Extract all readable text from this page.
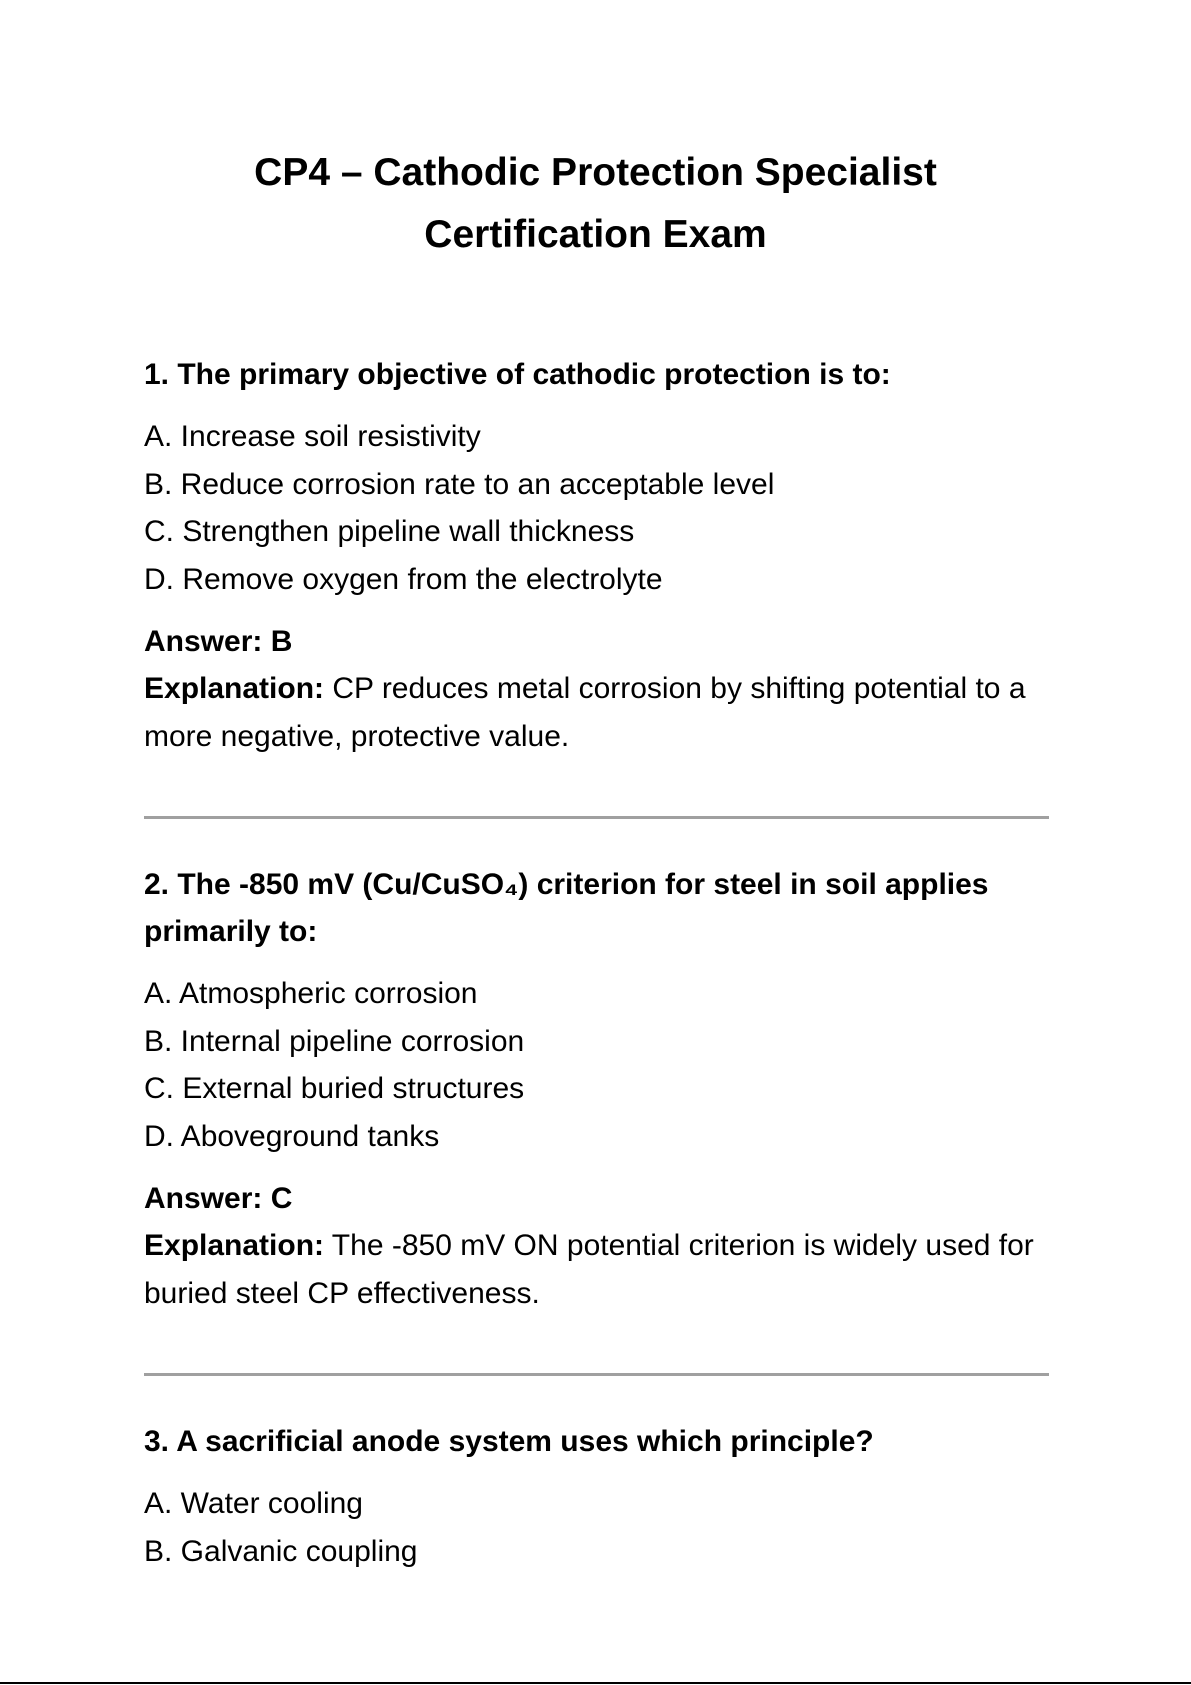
CP4 – Cathodic Protection Specialist
Certification Exam
1. The primary objective of cathodic protection is to:
A. Increase soil resistivity
B. Reduce corrosion rate to an acceptable level
C. Strengthen pipeline wall thickness
D. Remove oxygen from the electrolyte
Answer: B
Explanation: CP reduces metal corrosion by shifting potential to a more negative, protective value.
2. The -850 mV (Cu/CuSO₄) criterion for steel in soil applies primarily to:
A. Atmospheric corrosion
B. Internal pipeline corrosion
C. External buried structures
D. Aboveground tanks
Answer: C
Explanation: The -850 mV ON potential criterion is widely used for buried steel CP effectiveness.
3. A sacrificial anode system uses which principle?
A. Water cooling
B. Galvanic coupling
